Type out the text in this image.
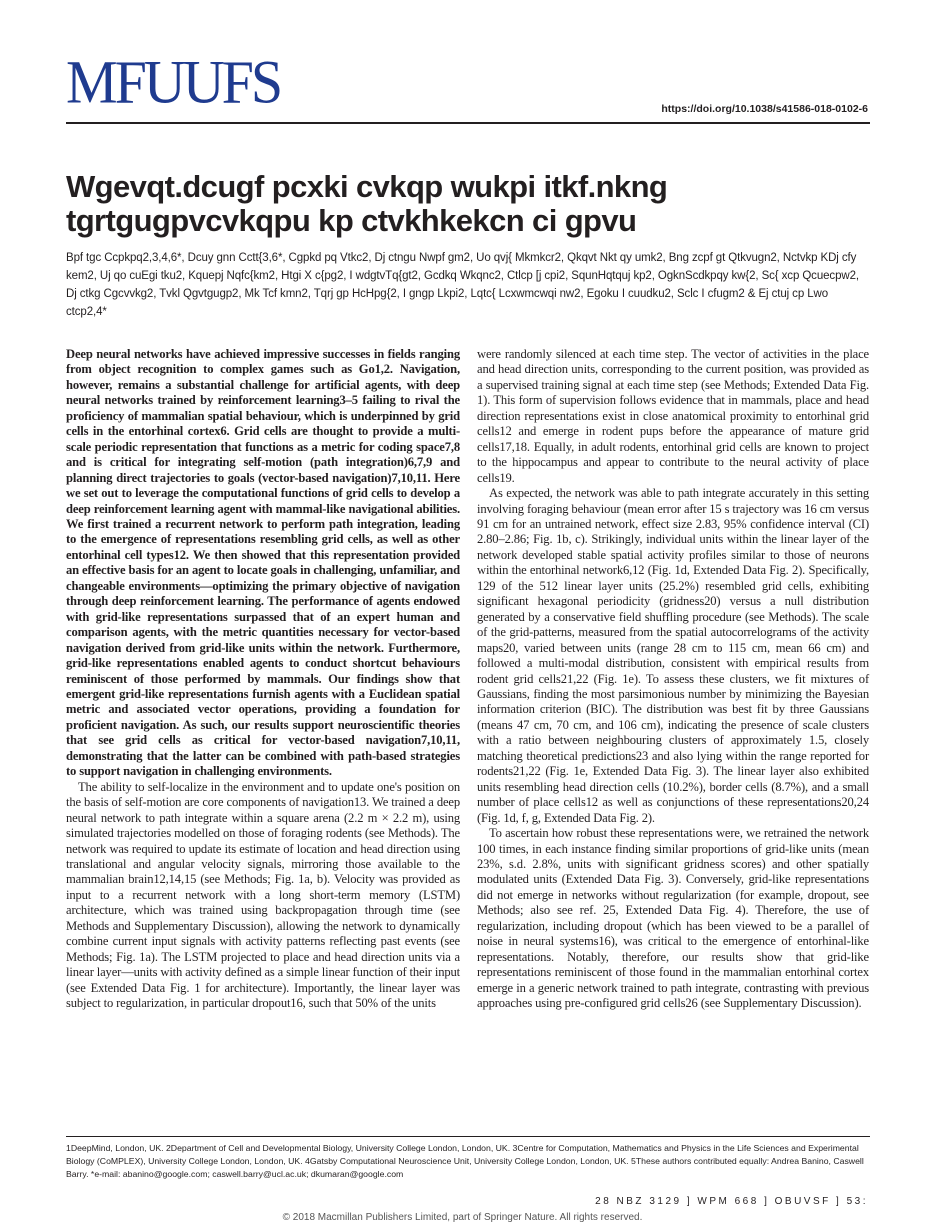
MFUUFS	https://doi.org/10.1038/s41586-018-0102-6
Wgevqt.dcugf pcxki cvkqp wukpi itkf.nkng tgrtgugpvcvkqpu kp ctvkhkekcn ci gpvu
Bpf tgc Ccpkpq2,3,4,6*, Dcuy gnn Cctt{3,6*, Cgpkd pq Vtkc2, Dj ctngu Nwpf gm2, Uo qvj{ Mkmkcr2, Qkqvt Nkt qy umk2, Bng zcpf gt Qtkvugn2, Nctvkp KDj cfy kem2, Uj qo cuEgi tku2, Kquepj Nqfc{km2, Htgi X c{pg2, I wdgtvTq{gt2, Gcdkq Wkqnc2, Ctlcp [j cpi2, SqunHqtquj kp2, OgknScdkpqy kw{2, Sc{ xcp Qcuecpw2, Dj ctkg Cgcvvkg2, Tvkl Qgvtgugp2, Mk Tcf kmn2, Tqrj gp HcHpg{2, I gngp Lkpi2, Lqtc{ Lcxwmcwqi nw2, Egoku I cuudku2, Sclc I cfugm2 & Ej ctuj cp Lwo ctcp2,4*

Deep neural networks have achieved impressive successes in fields ranging from object recognition to complex games such as Go1,2. Navigation, however, remains a substantial challenge for artificial agents, with deep neural networks trained by reinforcement learning3–5 failing to rival the proficiency of mammalian spatial behaviour, which is underpinned by grid cells in the entorhinal cortex6. Grid cells are thought to provide a multi-scale periodic representation that functions as a metric for coding space7,8 and is critical for integrating self-motion (path integration)6,7,9 and planning direct trajectories to goals (vector-based navigation)7,10,11. Here we set out to leverage the computational functions of grid cells to develop a deep reinforcement learning agent with mammal-like navigational abilities. We first trained a recurrent network to perform path integration, leading to the emergence of representations resembling grid cells, as well as other entorhinal cell types12. We then showed that this representation provided an effective basis for an agent to locate goals in challenging, unfamiliar, and changeable environments—optimizing the primary objective of navigation through deep reinforcement learning. The performance of agents endowed with grid-like representations surpassed that of an expert human and comparison agents, with the metric quantities necessary for vector-based navigation derived from grid-like units within the network. Furthermore, grid-like representations enabled agents to conduct shortcut behaviours reminiscent of those performed by mammals. Our findings show that emergent grid-like representations furnish agents with a Euclidean spatial metric and associated vector operations, providing a foundation for proficient navigation. As such, our results support neuroscientific theories that see grid cells as critical for vector-based navigation7,10,11, demonstrating that the latter can be combined with path-based strategies to support navigation in challenging environments.

The ability to self-localize in the environment and to update one's position on the basis of self-motion are core components of navigation13. We trained a deep neural network to path integrate within a square arena (2.2 m × 2.2 m), using simulated trajectories modelled on those of foraging rodents (see Methods). The network was required to update its estimate of location and head direction using translational and angular velocity signals, mirroring those available to the mammalian brain12,14,15 (see Methods; Fig. 1a, b). Velocity was provided as input to a recurrent network with a long short-term memory (LSTM) architecture, which was trained using backpropagation through time (see Methods and Supplementary Discussion), allowing the network to dynamically combine current input signals with activity patterns reflecting past events (see Methods; Fig. 1a). The LSTM projected to place and head direction units via a linear layer—units with activity defined as a simple linear function of their input (see Extended Data Fig. 1 for architecture). Importantly, the linear layer was subject to regularization, in particular dropout16, such that 50% of the units

were randomly silenced at each time step. The vector of activities in the place and head direction units, corresponding to the current position, was provided as a supervised training signal at each time step (see Methods; Extended Data Fig. 1). This form of supervision follows evidence that in mammals, place and head direction representations exist in close anatomical proximity to entorhinal grid cells12 and emerge in rodent pups before the appearance of mature grid cells17,18. Equally, in adult rodents, entorhinal grid cells are known to project to the hippocampus and appear to contribute to the neural activity of place cells19.

As expected, the network was able to path integrate accurately in this setting involving foraging behaviour (mean error after 15 s trajectory was 16 cm versus 91 cm for an untrained network, effect size 2.83, 95% confidence interval (CI) 2.80–2.86; Fig. 1b, c). Strikingly, individual units within the linear layer of the network developed stable spatial activity profiles similar to those of neurons within the entorhinal network6,12 (Fig. 1d, Extended Data Fig. 2). Specifically, 129 of the 512 linear layer units (25.2%) resembled grid cells, exhibiting significant hexagonal periodicity (gridness20) versus a null distribution generated by a conservative field shuffling procedure (see Methods). The scale of the grid-patterns, measured from the spatial autocorrelograms of the activity maps20, varied between units (range 28 cm to 115 cm, mean 66 cm) and followed a multi-modal distribution, consistent with empirical results from rodent grid cells21,22 (Fig. 1e). To assess these clusters, we fit mixtures of Gaussians, finding the most parsimonious number by minimizing the Bayesian information criterion (BIC). The distribution was best fit by three Gaussians (means 47 cm, 70 cm, and 106 cm), indicating the presence of scale clusters with a ratio between neighbouring clusters of approximately 1.5, closely matching theoretical predictions23 and also lying within the range reported for rodents21,22 (Fig. 1e, Extended Data Fig. 3). The linear layer also exhibited units resembling head direction cells (10.2%), border cells (8.7%), and a small number of place cells12 as well as conjunctions of these representations20,24 (Fig. 1d, f, g, Extended Data Fig. 2).

To ascertain how robust these representations were, we retrained the network 100 times, in each instance finding similar proportions of grid-like units (mean 23%, s.d. 2.8%, units with significant gridness scores) and other spatially modulated units (Extended Data Fig. 3). Conversely, grid-like representations did not emerge in networks without regularization (for example, dropout, see Methods; also see ref. 25, Extended Data Fig. 4). Therefore, the use of regularization, including dropout (which has been viewed to be a parallel of noise in neural systems16), was critical to the emergence of entorhinal-like representations. Notably, therefore, our results show that grid-like representations reminiscent of those found in the mammalian entorhinal cortex emerge in a generic network trained to path integrate, contrasting with previous approaches using pre-configured grid cells26 (see Supplementary Discussion).

1DeepMind, London, UK. 2Department of Cell and Developmental Biology, University College London, London, UK. 3Centre for Computation, Mathematics and Physics in the Life Sciences and Experimental Biology (CoMPLEX), University College London, London, UK. 4Gatsby Computational Neuroscience Unit, University College London, London, UK. 5These authors contributed equally: Andrea Banino, Caswell Barry. *e-mail: abanino@google.com; caswell.barry@ucl.ac.uk; dkumaran@google.com
28 NBZ 3129 ] WPM 668 ] OBUVSF ] 53:
© 2018 Macmillan Publishers Limited, part of Springer Nature. All rights reserved.
